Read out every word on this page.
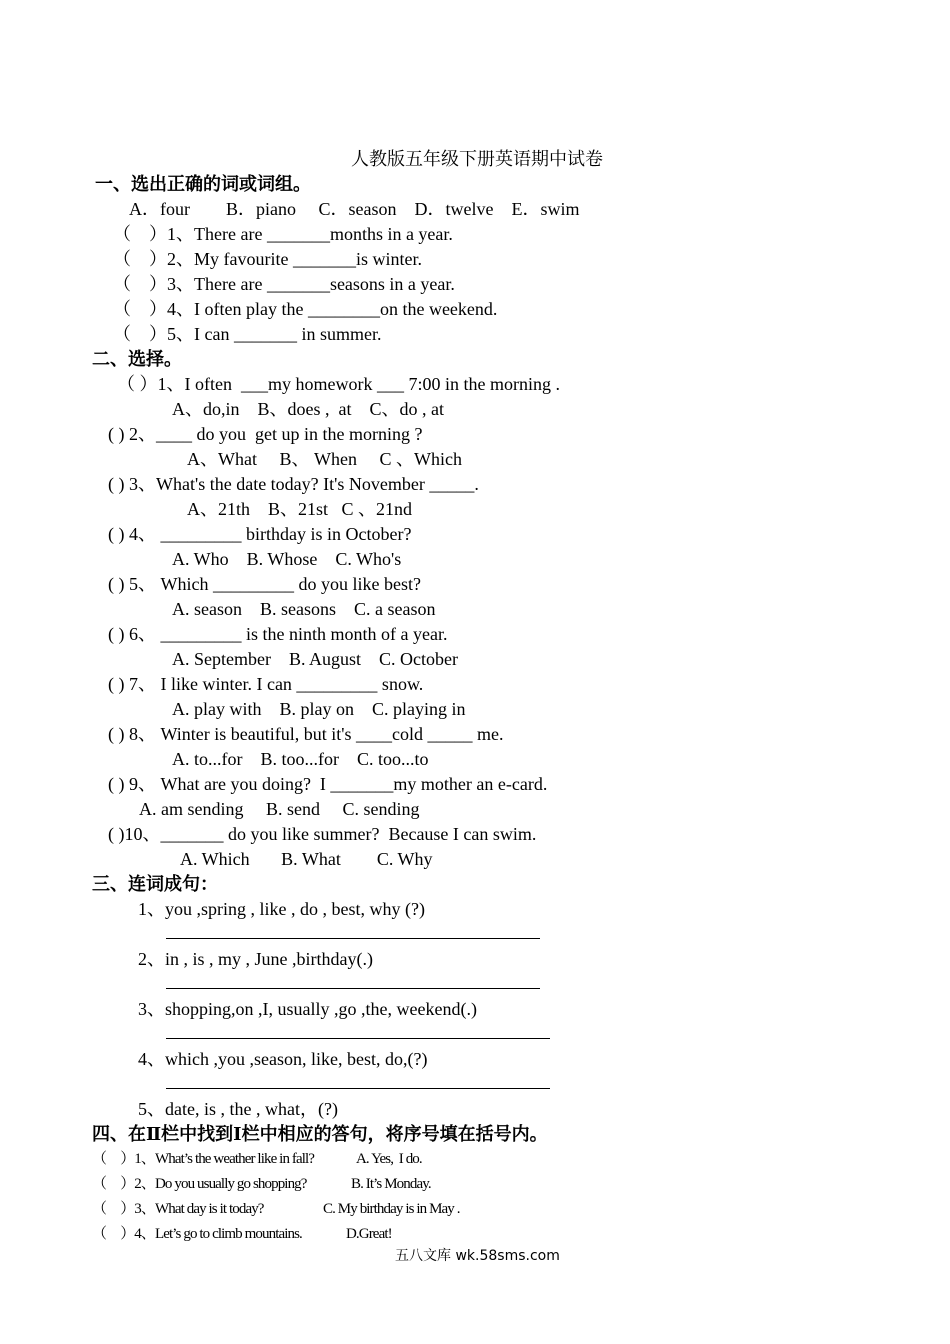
人教版五年级下册英语期中试卷
一、选出正确的词或词组。
A．four　　B．piano　 C．season　D．twelve　E．swim
（　）1、There are _______months in a year.
（　）2、My favourite _______is winter.
（　）3、There are _______seasons in a year.
（　）4、I often play the ________on the weekend.
（　）5、I can _______ in summer.
二、选择。
（ ）1、I often  ___my homework ___ 7:00 in the morning .
A、do,in    B、does ,  at    C、do , at
( ) 2、____ do you  get up in the morning ?
A、What     B、 When     C 、Which
( ) 3、What's the date today? It's November _____.
A、21th    B、21st   C 、21nd
( ) 4、 _________ birthday is in October?
A. Who    B. Whose    C. Who's
( ) 5、 Which _________ do you like best?
A. season    B. seasons    C. a season
( ) 6、 _________ is the ninth month of a year.
A. September    B. August    C. October
( ) 7、 I like winter. I can _________ snow.
A. play with    B. play on    C. playing in
( ) 8、 Winter is beautiful, but it's ____cold _____ me.
A. to...for    B. too...for    C. too...to
( ) 9、 What are you doing?  I _______my mother an e-card.
A. am sending     B. send     C. sending
( )10、_______ do you like summer?  Because I can swim.
A. Which       B. What        C. Why
三、连词成句：
1、you ,spring , like , do , best, why (?)
2、in , is , my , June ,birthday(.)
3、shopping,on ,I, usually ,go ,the, weekend(.)
4、which ,you ,season, like, best, do,(?)
5、date, is , the , what，(?)
四、在Ⅱ栏中找到Ⅰ栏中相应的答句，将序号填在括号内。
（　）1、What’s the weather like in fall?	A. Yes,  I do.
（　）2、Do you usually go shopping?	B. It’s Monday.
（　）3、What day is it today?	C. My birthday is in May .
（　）4、Let’s go to climb mountains.	D.Great!
五八文库 wk.58sms.com
